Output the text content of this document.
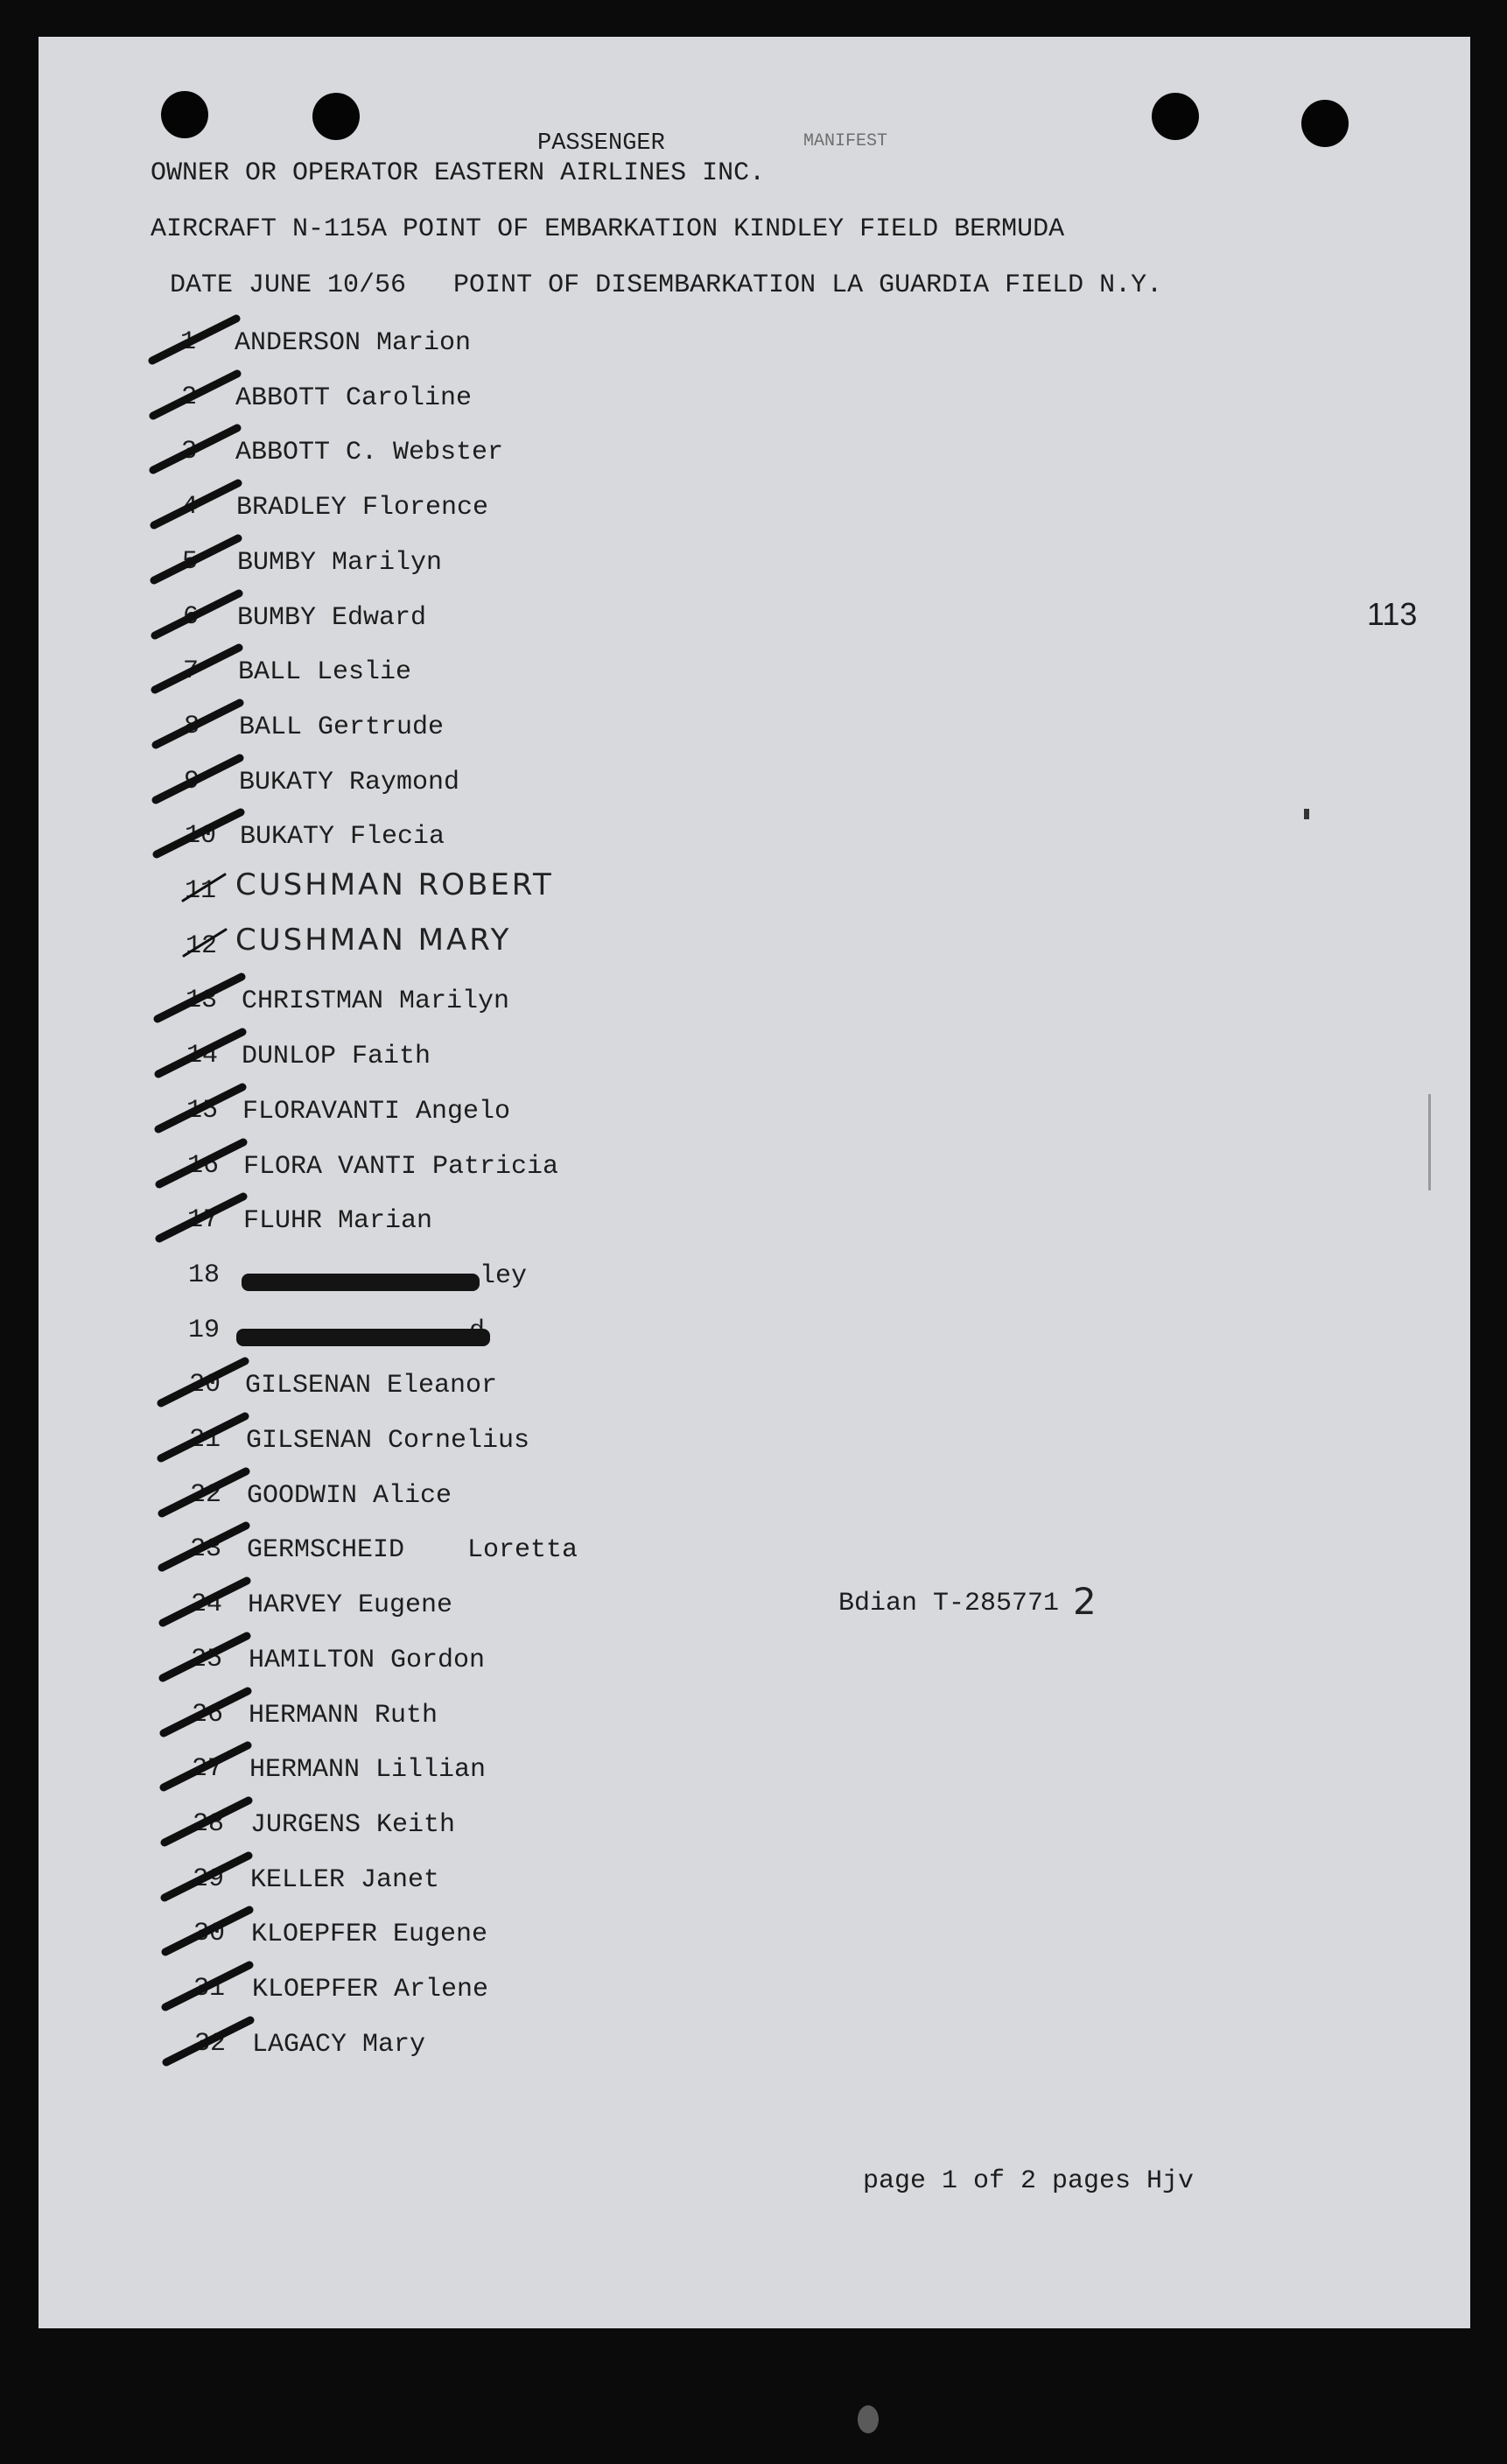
PASSENGER	MANIFEST
OWNER OR OPERATOR EASTERN AIRLINES INC.
AIRCRAFT N-115A POINT OF EMBARKATION KINDLEY FIELD BERMUDA
DATE JUNE 10/56   POINT OF DISEMBARKATION LA GUARDIA FIELD N.Y.
1 ANDERSON Marion
2 ABBOTT Caroline
3 ABBOTT C. Webster
4 BRADLEY Florence
5 BUMBY Marilyn
6 BUMBY Edward
7 BALL Leslie
8 BALL Gertrude
9 BUKATY Raymond
10 BUKATY Flecia
11 CUSHMAN ROBERT
12 CUSHMAN MARY
13 CHRISTMAN Marilyn
14 DUNLOP Faith
15 FLORAVANTI Angelo
16 FLORA VANTI Patricia
17 FLUHR Marian
18	ley
19
20 GILSENAN Eleanor
21 GILSENAN Cornelius
22 GOODWIN Alice
23 GERMSCHEID    Loretta
24 HARVEY Eugene
25 HAMILTON Gordon
26 HERMANN Ruth
27 HERMANN Lillian
28 JURGENS Keith
29 KELLER Janet
30 KLOEPFER Eugene
31 KLOEPFER Arlene
32 LAGACY Mary
113
Bdian T-285771 2
page 1 of 2 pages Hjv
